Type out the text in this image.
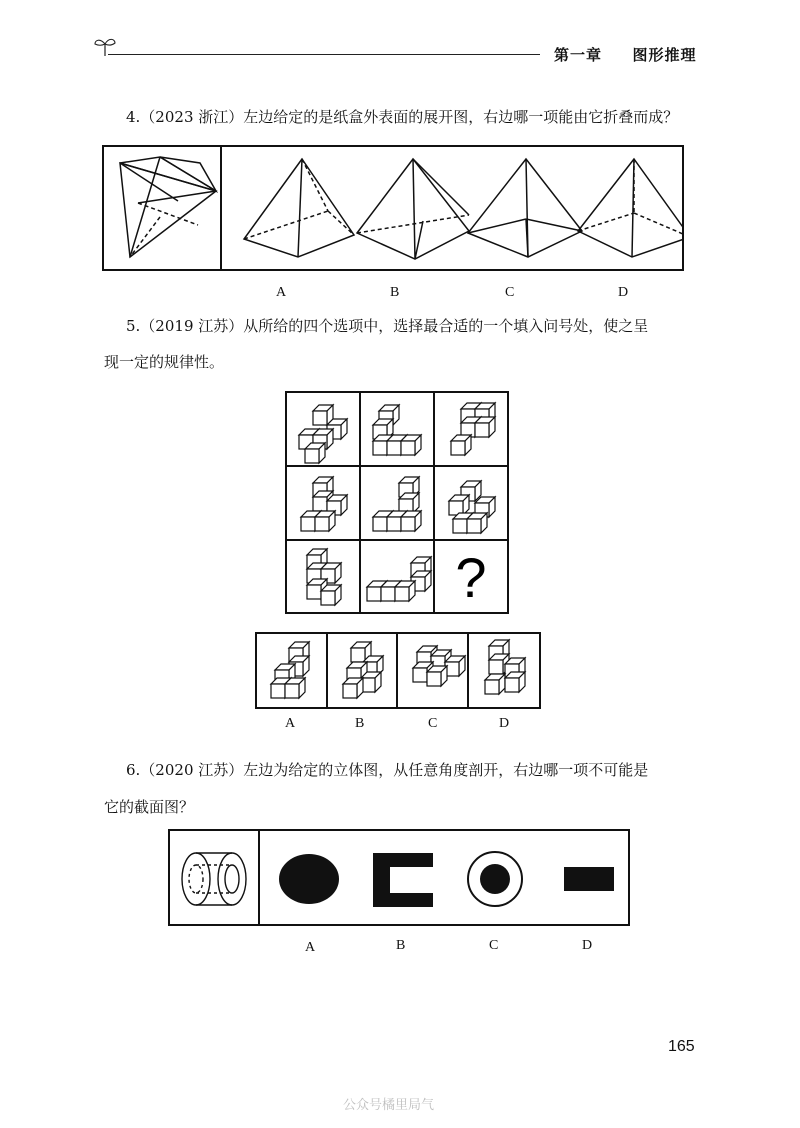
第一章 图形推理
4.（2023 浙江）左边给定的是纸盒外表面的展开图，右边哪一项能由它折叠而成？
A	B	C	D
5.（2019 江苏）从所给的四个选项中，选择最合适的一个填入问号处，使之呈
现一定的规律性。
?
A	B	C	D
6.（2020 江苏）左边为给定的立体图，从任意角度剖开，右边哪一项不可能是
它的截面图？
A	B	C	D
165
公众号橘里局气
